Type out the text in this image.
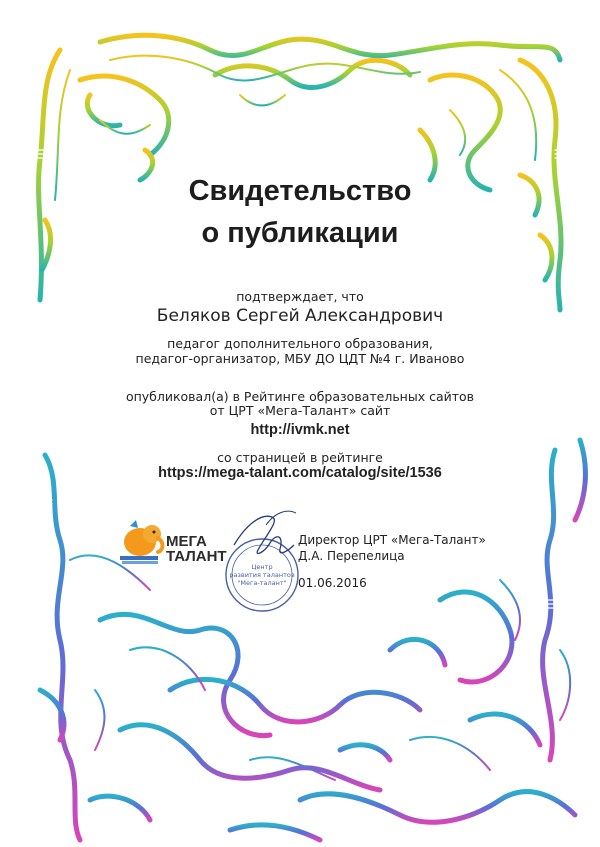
Свидетельство
о публикации
подтверждает, что
Беляков Сергей Александрович
педагог дополнительного образования,
педагог-организатор, МБУ ДО ЦДТ №4 г. Иваново
опубликовал(а) в Рейтинге образовательных сайтов
от ЦРТ «Мега-Талант» сайт
http://ivmk.net
со страницей в рейтинге
https://mega-talant.com/catalog/site/1536
МЕГА
ТАЛАНТ
Центр
развития талантов
"Мега-талант"
Директор ЦРТ «Мега-Талант»
Д.А. Перепелица
01.06.2016
